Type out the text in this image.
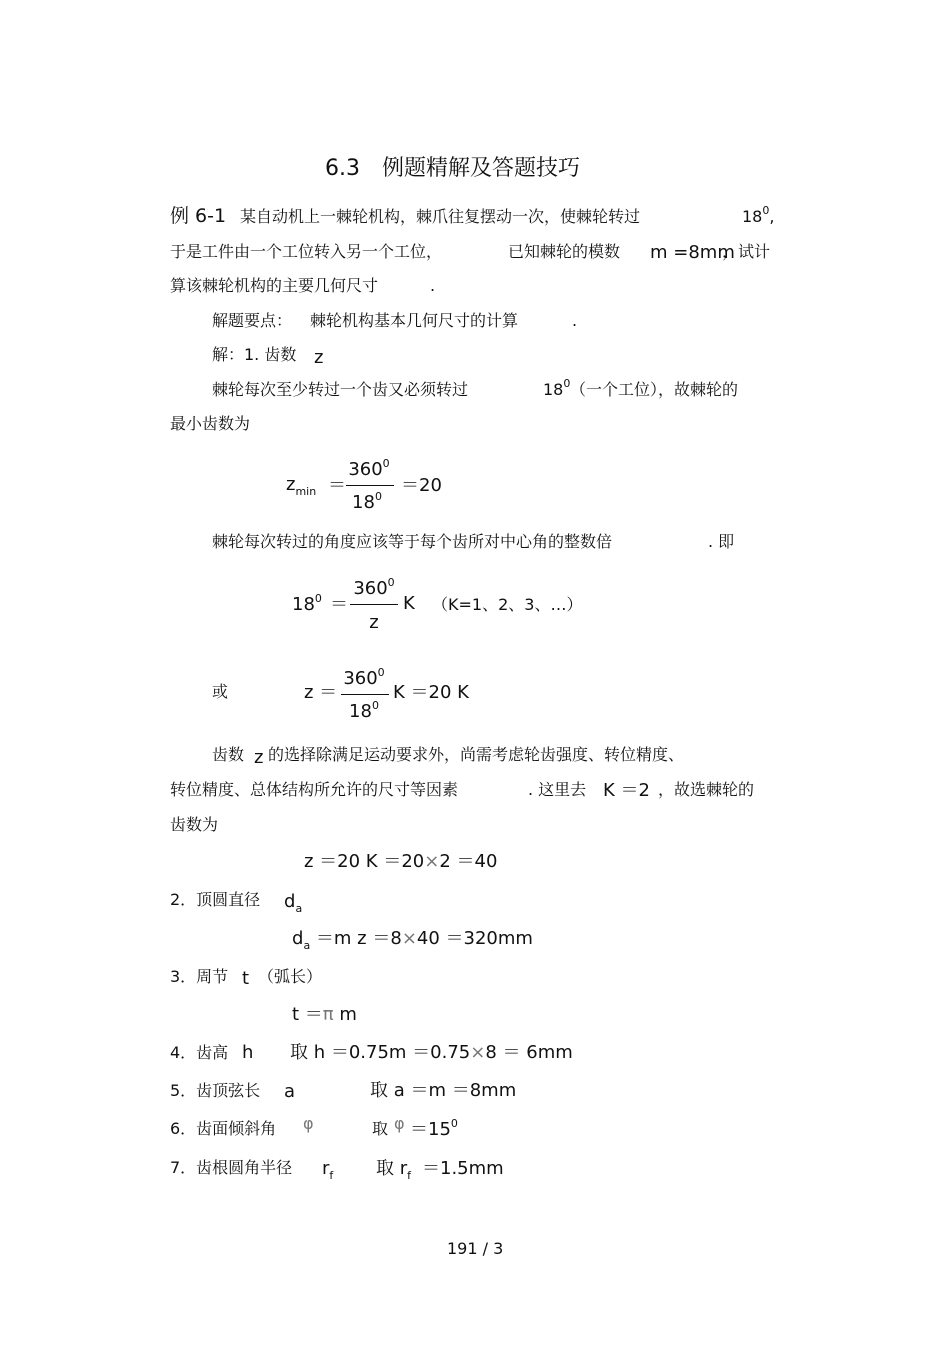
6.3　例题精解及答题技巧
例 6-1 某自动机上一棘轮机构，棘爪往复摆动一次，使棘轮转过	$18^0$,
于是工件由一个工位转入另一个工位，	已知棘轮的模数 m =8mm
，试计
算该棘轮机构的主要几何尺寸	.
解题要点： 棘轮机构基本几何尺寸的计算	.
解：1. 齿数 z
棘轮每次至少转过一个齿又必须转过	$18^0$ （一个工位），故棘轮的
最小齿数为
$z_{min}$ ＝
$360^0$
$18^0$
＝20
棘轮每次转过的角度应该等于每个齿所对中心角的整数倍	. 即
$18^0$ ＝
$360^0$
z
K （K=1、2、3、…）
或	z ＝
$360^0$
$18^0$
K ＝20 K
齿数 z 的选择除满足运动要求外，尚需考虑轮齿强度、转位精度、
转位精度、总体结构所允许的尺寸等因素	. 这里去 K ＝2 ，故选棘轮的
齿数为
z ＝20 K ＝20×2 ＝40
2．顶圆直径 $d_a$
$d_a =m$ z ＝8×40 ＝320mm
3．周节 t （弧长）
t ＝π m
4．齿高 h 取 h ＝0.75m ＝0.75×8 ＝ 6mm
5．齿顶弦长 a	取 a ＝m ＝8mm
6．齿面倾斜角 φ	取 $\varphi =15^0$
7．齿根圆角半径 $r_f$ 取 $r_f =1.5mm$
191 / 3
